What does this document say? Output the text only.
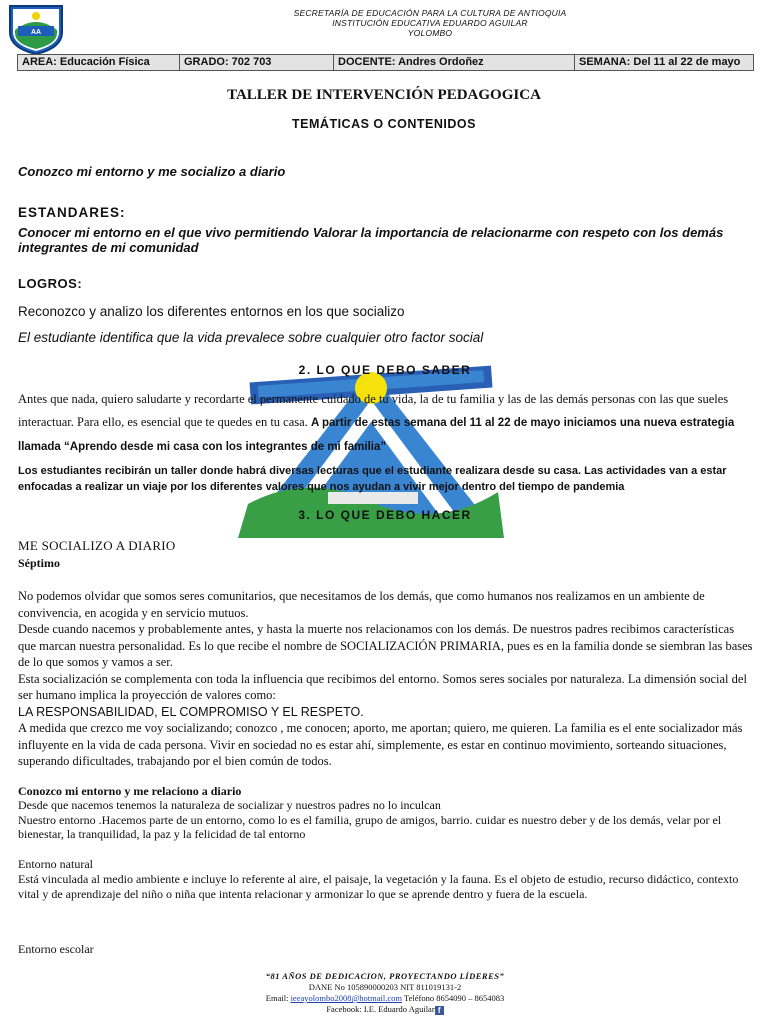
AA
SECRETARÍA DE EDUCACIÓN PARA LA CULTURA DE ANTIOQUIA
INSTITUCIÓN EDUCATIVA EDUARDO AGUILAR
YOLOMBO
AREA: Educación Física	GRADO: 702 703	DOCENTE: Andres Ordoñez	SEMANA: Del 11 al 22 de mayo
TALLER DE INTERVENCIÓN PEDAGOGICA
TEMÁTICAS O CONTENIDOS
Conozco mi entorno y me socializo a diario
ESTANDARES:
Conocer mi entorno en el que vivo permitiendo Valorar la importancia de relacionarme con respeto con los demás integrantes de mi comunidad
LOGROS:
Reconozco y analizo los diferentes entornos en los que socializo
El estudiante identifica que la vida prevalece sobre cualquier otro factor social
2. LO QUE DEBO SABER
Antes que nada, quiero saludarte y recordarte el permanente cuidado de tu vida, la de tu familia y las de las demás personas con las que sueles interactuar. Para ello, es esencial que te quedes en tu casa. A partir de estas semana del 11 al 22 de mayo iniciamos una nueva estrategia llamada “Aprendo desde mi casa con los integrantes de mi familia”
Los estudiantes recibirán un taller donde habrá diversas lecturas que el estudiante realizara desde su casa. Las actividades van a estar enfocadas a realizar un viaje por los diferentes valores que nos ayudan a vivir mejor dentro del tiempo de pandemia
3. LO QUE DEBO HACER
ME SOCIALIZO A DIARIO
Séptimo
No podemos olvidar que somos seres comunitarios, que necesitamos de los demás, que como humanos nos realizamos en un ambiente de convivencia, en acogida y en servicio mutuos.
Desde cuando nacemos y probablemente antes, y hasta la muerte nos relacionamos con los demás. De nuestros padres recibimos características que marcan nuestra personalidad. Es lo que recibe el nombre de SOCIALIZACIÓN PRIMARIA, pues es en la familia donde se siembran las bases de lo que somos y vamos a ser.
Esta socialización se complementa con toda la influencia que recibimos del entorno. Somos seres sociales por naturaleza. La dimensión social del ser humano implica la proyección de valores como:
LA RESPONSABILIDAD, EL COMPROMISO Y EL RESPETO.
A medida que crezco me voy socializando; conozco , me conocen; aporto, me aportan; quiero, me quieren. La familia es el ente socializador más influyente en la vida de cada persona. Vivir en sociedad no es estar ahí, simplemente, es estar en continuo movimiento, sorteando situaciones, superando dificultades, trabajando por el bien común de todos.
Conozco mi entorno y me relaciono a diario
Desde que nacemos tenemos la naturaleza de socializar y nuestros padres no lo inculcan
Nuestro entorno .Hacemos parte de un entorno, como lo es el familia, grupo de amigos, barrio. cuidar es nuestro deber y de los demás, velar por el bienestar, la tranquilidad, la paz y la felicidad de tal entorno
Entorno natural
Está vinculada al medio ambiente e incluye lo referente al aire, el paisaje, la vegetación y la fauna. Es el objeto de estudio, recurso didáctico, contexto vital y de aprendizaje del niño o niña que intenta relacionar y armonizar lo que se aprende dentro y fuera de la escuela.
Entorno escolar
“81 AÑOS DE DEDICACION, PROYECTANDO LÍDERES”
DANE No 105890000203 NIT 811019131-2
Email: ieeayolombo2008@hotmail.com Teléfono 8654090 – 8654083
Facebook: I.E. Eduardo Aguilar f
